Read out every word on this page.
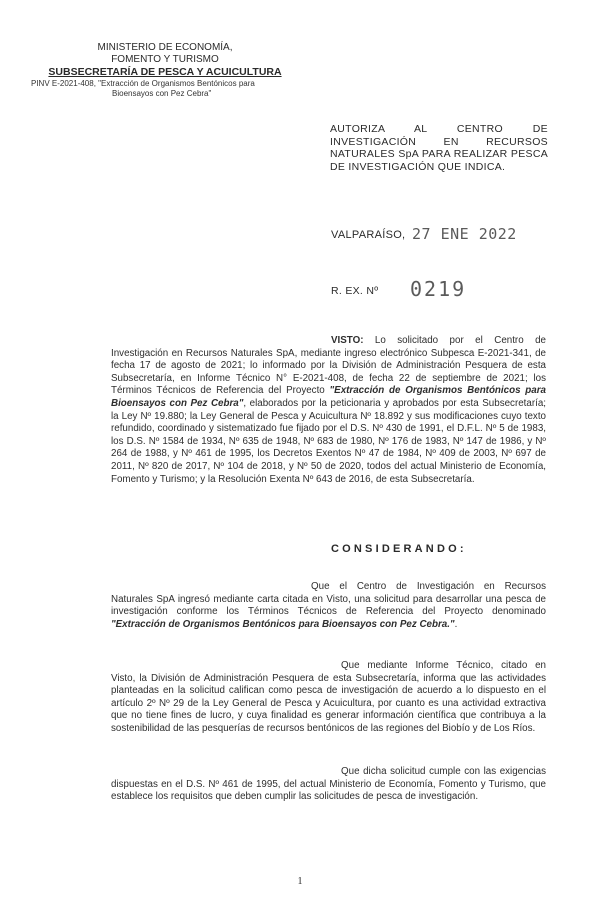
MINISTERIO DE ECONOMÍA,
FOMENTO Y TURISMO
SUBSECRETARÍA DE PESCA Y ACUICULTURA
PINV E-2021-408, "Extracción de Organismos Bentónicos para
Bioensayos con Pez Cebra"
AUTORIZA AL CENTRO DE INVESTIGACIÓN EN RECURSOS NATURALES SpA PARA REALIZAR PESCA DE INVESTIGACIÓN QUE INDICA.
VALPARAÍSO, 27 ENE 2022
R. EX. Nº 0219
VISTO: Lo solicitado por el Centro de Investigación en Recursos Naturales SpA, mediante ingreso electrónico Subpesca E-2021-341, de fecha 17 de agosto de 2021; lo informado por la División de Administración Pesquera de esta Subsecretaría, en Informe Técnico N° E-2021-408, de fecha 22 de septiembre de 2021; los Términos Técnicos de Referencia del Proyecto "Extracción de Organismos Bentónicos para Bioensayos con Pez Cebra", elaborados por la peticionaria y aprobados por esta Subsecretaría; la Ley Nº 19.880; la Ley General de Pesca y Acuicultura Nº 18.892 y sus modificaciones cuyo texto refundido, coordinado y sistematizado fue fijado por el D.S. Nº 430 de 1991, el D.F.L. Nº 5 de 1983, los D.S. Nº 1584 de 1934, Nº 635 de 1948, Nº 683 de 1980, Nº 176 de 1983, Nº 147 de 1986, y Nº 264 de 1988, y Nº 461 de 1995, los Decretos Exentos Nº 47 de 1984, Nº 409 de 2003, Nº 697 de 2011, Nº 820 de 2017, Nº 104 de 2018, y Nº 50 de 2020, todos del actual Ministerio de Economía, Fomento y Turismo; y la Resolución Exenta Nº 643 de 2016, de esta Subsecretaría.
CONSIDERANDO:
Que el Centro de Investigación en Recursos Naturales SpA ingresó mediante carta citada en Visto, una solicitud para desarrollar una pesca de investigación conforme los Términos Técnicos de Referencia del Proyecto denominado "Extracción de Organismos Bentónicos para Bioensayos con Pez Cebra.".
Que mediante Informe Técnico, citado en Visto, la División de Administración Pesquera de esta Subsecretaría, informa que las actividades planteadas en la solicitud califican como pesca de investigación de acuerdo a lo dispuesto en el artículo 2º Nº 29 de la Ley General de Pesca y Acuicultura, por cuanto es una actividad extractiva que no tiene fines de lucro, y cuya finalidad es generar información científica que contribuya a la sostenibilidad de las pesquerías de recursos bentónicos de las regiones del Biobío y de Los Ríos.
Que dicha solicitud cumple con las exigencias dispuestas en el D.S. Nº 461 de 1995, del actual Ministerio de Economía, Fomento y Turismo, que establece los requisitos que deben cumplir las solicitudes de pesca de investigación.
1
